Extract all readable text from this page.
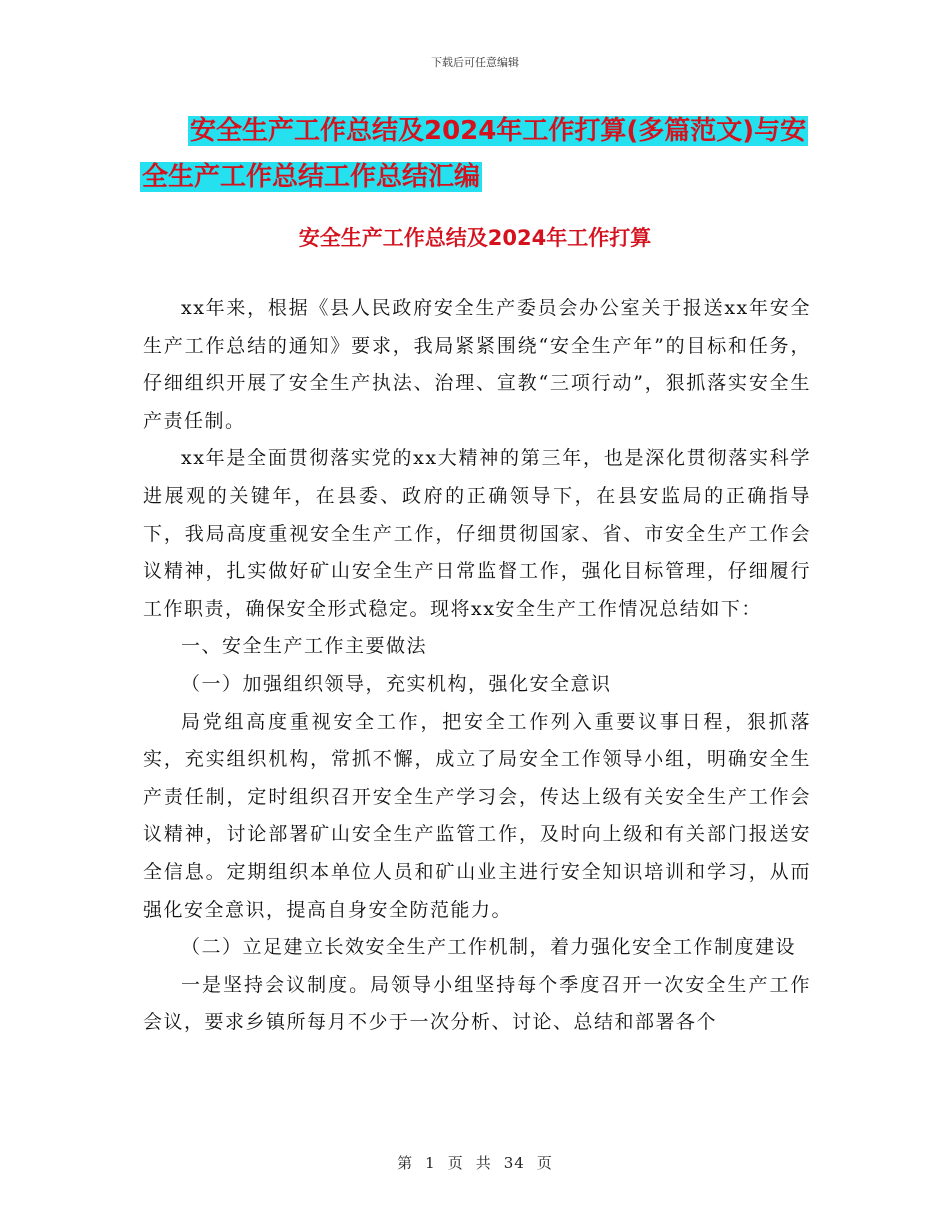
下载后可任意编辑
安全生产工作总结及2024年工作打算(多篇范文)与安
全生产工作总结工作总结汇编
安全生产工作总结及2024年工作打算

xx年来，根据《县人民政府安全生产委员会办公室关于报送xx年安全生产工作总结的通知》要求，我局紧紧围绕“安全生产年”的目标和任务，仔细组织开展了安全生产执法、治理、宣教“三项行动”，狠抓落实安全生产责任制。

xx年是全面贯彻落实党的xx大精神的第三年，也是深化贯彻落实科学进展观的关键年，在县委、政府的正确领导下，在县安监局的正确指导下，我局高度重视安全生产工作，仔细贯彻国家、省、市安全生产工作会议精神，扎实做好矿山安全生产日常监督工作，强化目标管理，仔细履行工作职责，确保安全形式稳定。现将xx安全生产工作情况总结如下：

一、安全生产工作主要做法

（一）加强组织领导，充实机构，强化安全意识

局党组高度重视安全工作，把安全工作列入重要议事日程，狠抓落实，充实组织机构，常抓不懈，成立了局安全工作领导小组，明确安全生产责任制，定时组织召开安全生产学习会，传达上级有关安全生产工作会议精神，讨论部署矿山安全生产监管工作，及时向上级和有关部门报送安全信息。定期组织本单位人员和矿山业主进行安全知识培训和学习，从而强化安全意识，提高自身安全防范能力。

（二）立足建立长效安全生产工作机制，着力强化安全工作制度建设

一是坚持会议制度。局领导小组坚持每个季度召开一次安全生产工作会议，要求乡镇所每月不少于一次分析、讨论、总结和部署各个

第 1 页 共 34 页
